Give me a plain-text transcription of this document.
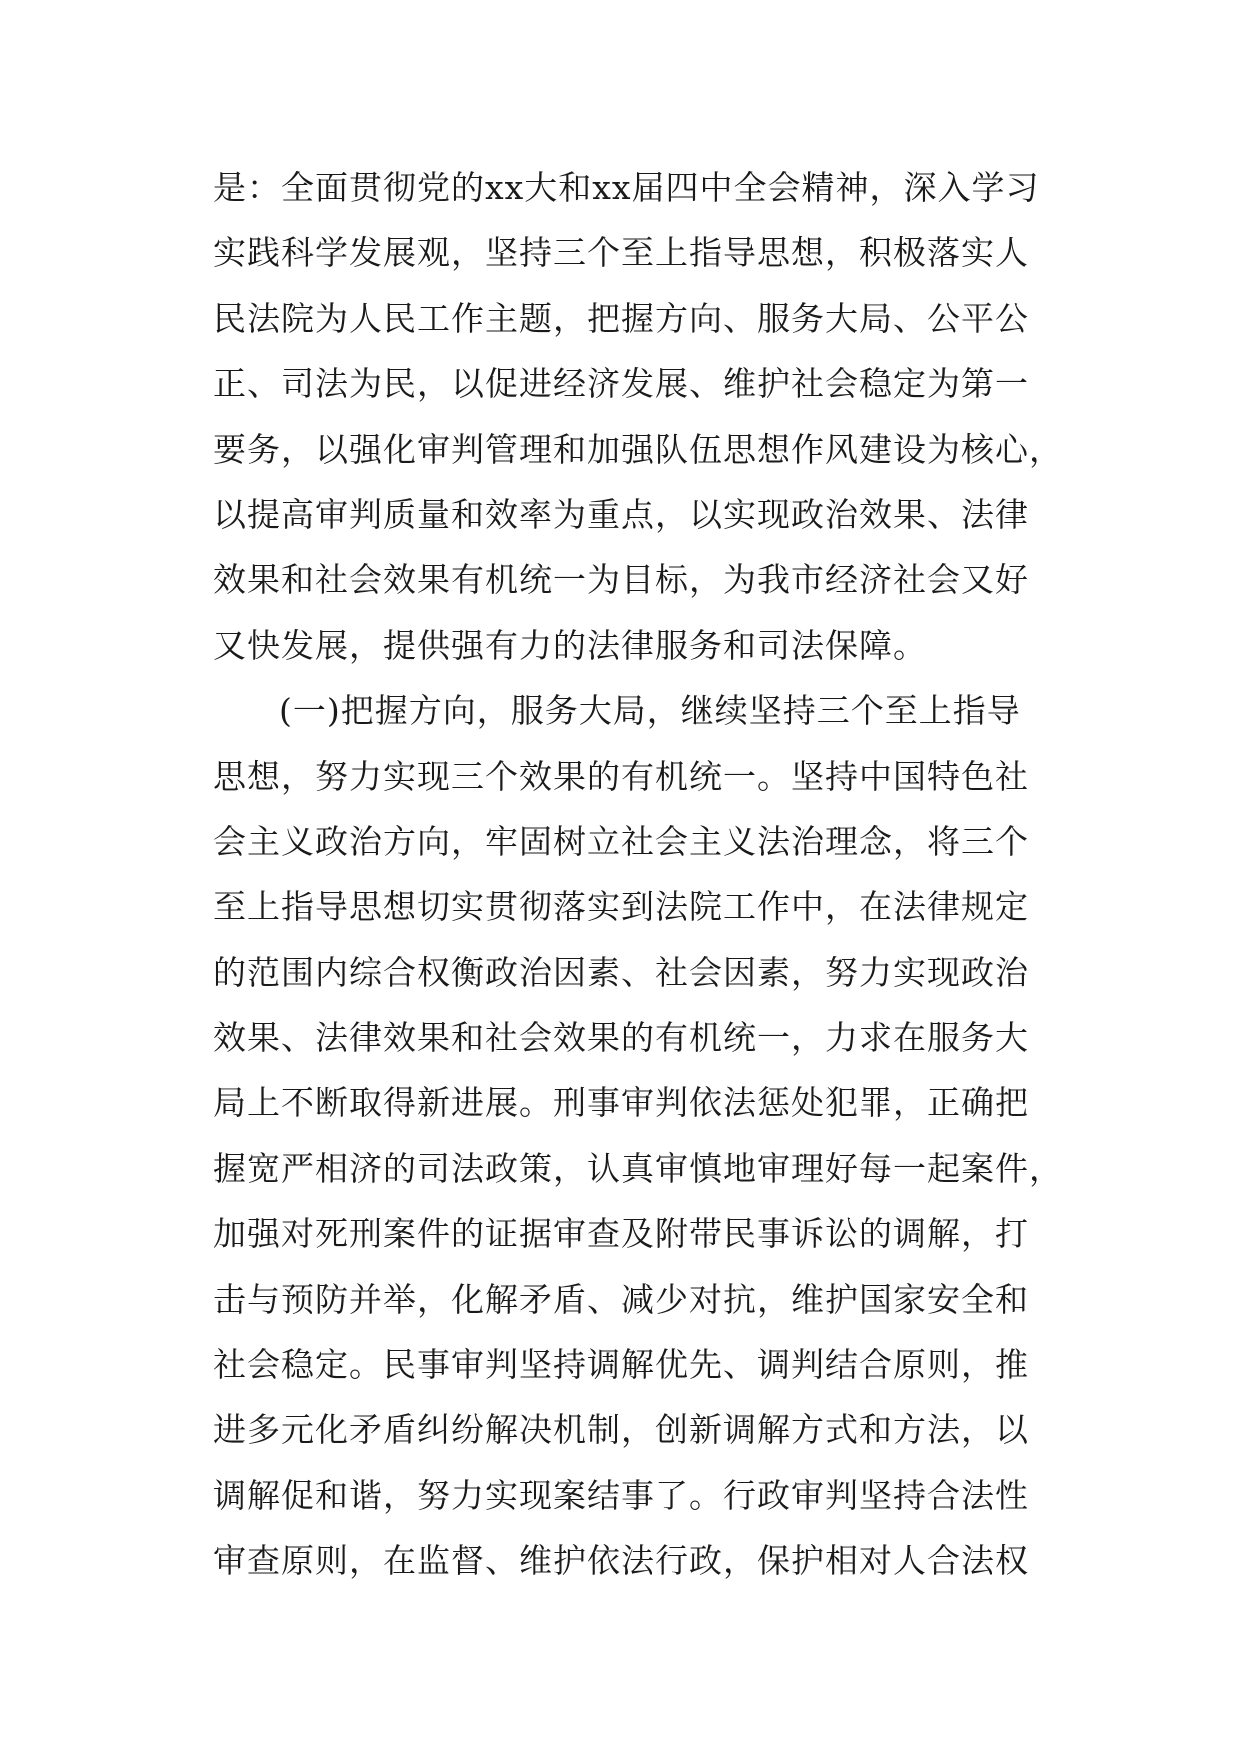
是：全面贯彻党的xx大和xx届四中全会精神，深入学习
实践科学发展观，坚持三个至上指导思想，积极落实人
民法院为人民工作主题，把握方向、服务大局、公平公
正、司法为民，以促进经济发展、维护社会稳定为第一
要务，以强化审判管理和加强队伍思想作风建设为核心，
以提高审判质量和效率为重点，以实现政治效果、法律
效果和社会效果有机统一为目标，为我市经济社会又好
又快发展，提供强有力的法律服务和司法保障。
(一)把握方向，服务大局，继续坚持三个至上指导
思想，努力实现三个效果的有机统一。坚持中国特色社
会主义政治方向，牢固树立社会主义法治理念，将三个
至上指导思想切实贯彻落实到法院工作中，在法律规定
的范围内综合权衡政治因素、社会因素，努力实现政治
效果、法律效果和社会效果的有机统一，力求在服务大
局上不断取得新进展。刑事审判依法惩处犯罪，正确把
握宽严相济的司法政策，认真审慎地审理好每一起案件，
加强对死刑案件的证据审查及附带民事诉讼的调解，打
击与预防并举，化解矛盾、减少对抗，维护国家安全和
社会稳定。民事审判坚持调解优先、调判结合原则，推
进多元化矛盾纠纷解决机制，创新调解方式和方法，以
调解促和谐，努力实现案结事了。行政审判坚持合法性
审查原则，在监督、维护依法行政，保护相对人合法权
